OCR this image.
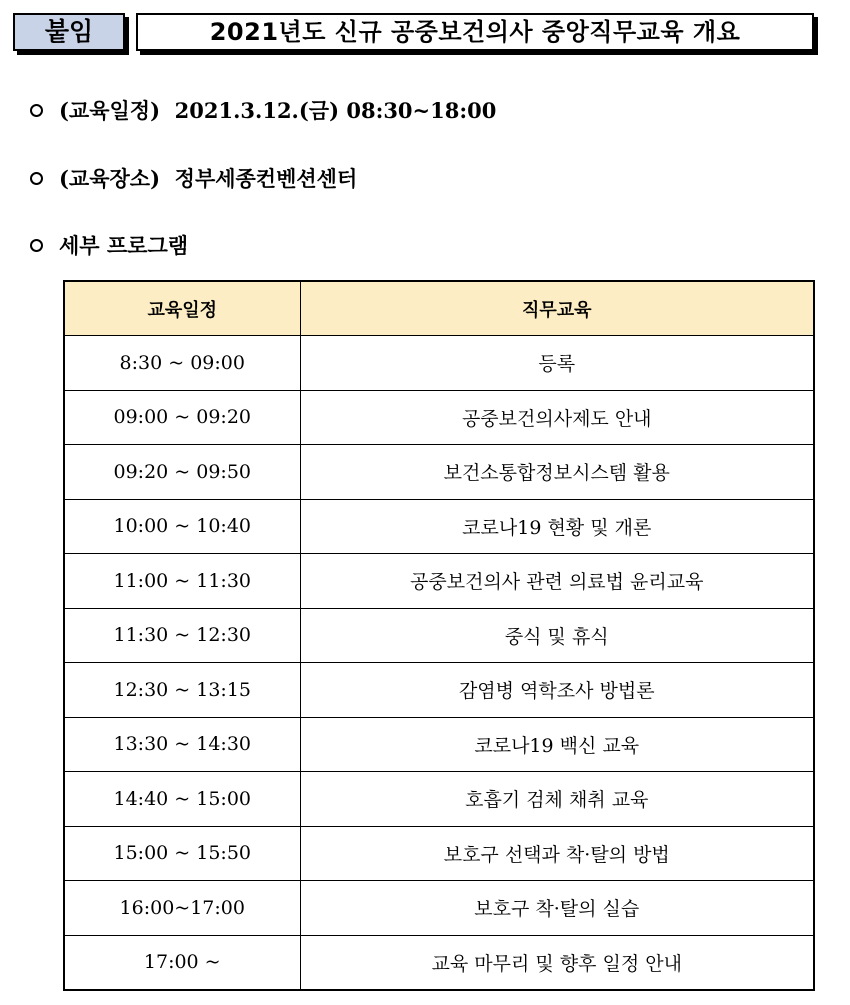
붙임	2021년도 신규 공중보건의사 중앙직무교육 개요
(교육일정) 2021.3.12.(금) 08:30~18:00
(교육장소) 정부세종컨벤션센터
세부 프로그램
교육일정	직무교육
8:30 ~ 09:00	등록
09:00 ~ 09:20	공중보건의사제도 안내
09:20 ~ 09:50	보건소통합정보시스템 활용
10:00 ~ 10:40	코로나19 현황 및 개론
11:00 ~ 11:30	공중보건의사 관련 의료법 윤리교육
11:30 ~ 12:30	중식 및 휴식
12:30 ~ 13:15	감염병 역학조사 방법론
13:30 ~ 14:30	코로나19 백신 교육
14:40 ~ 15:00	호흡기 검체 채취 교육
15:00 ~ 15:50	보호구 선택과 착·탈의 방법
16:00~17:00	보호구 착·탈의 실습
17:00 ~	교육 마무리 및 향후 일정 안내
